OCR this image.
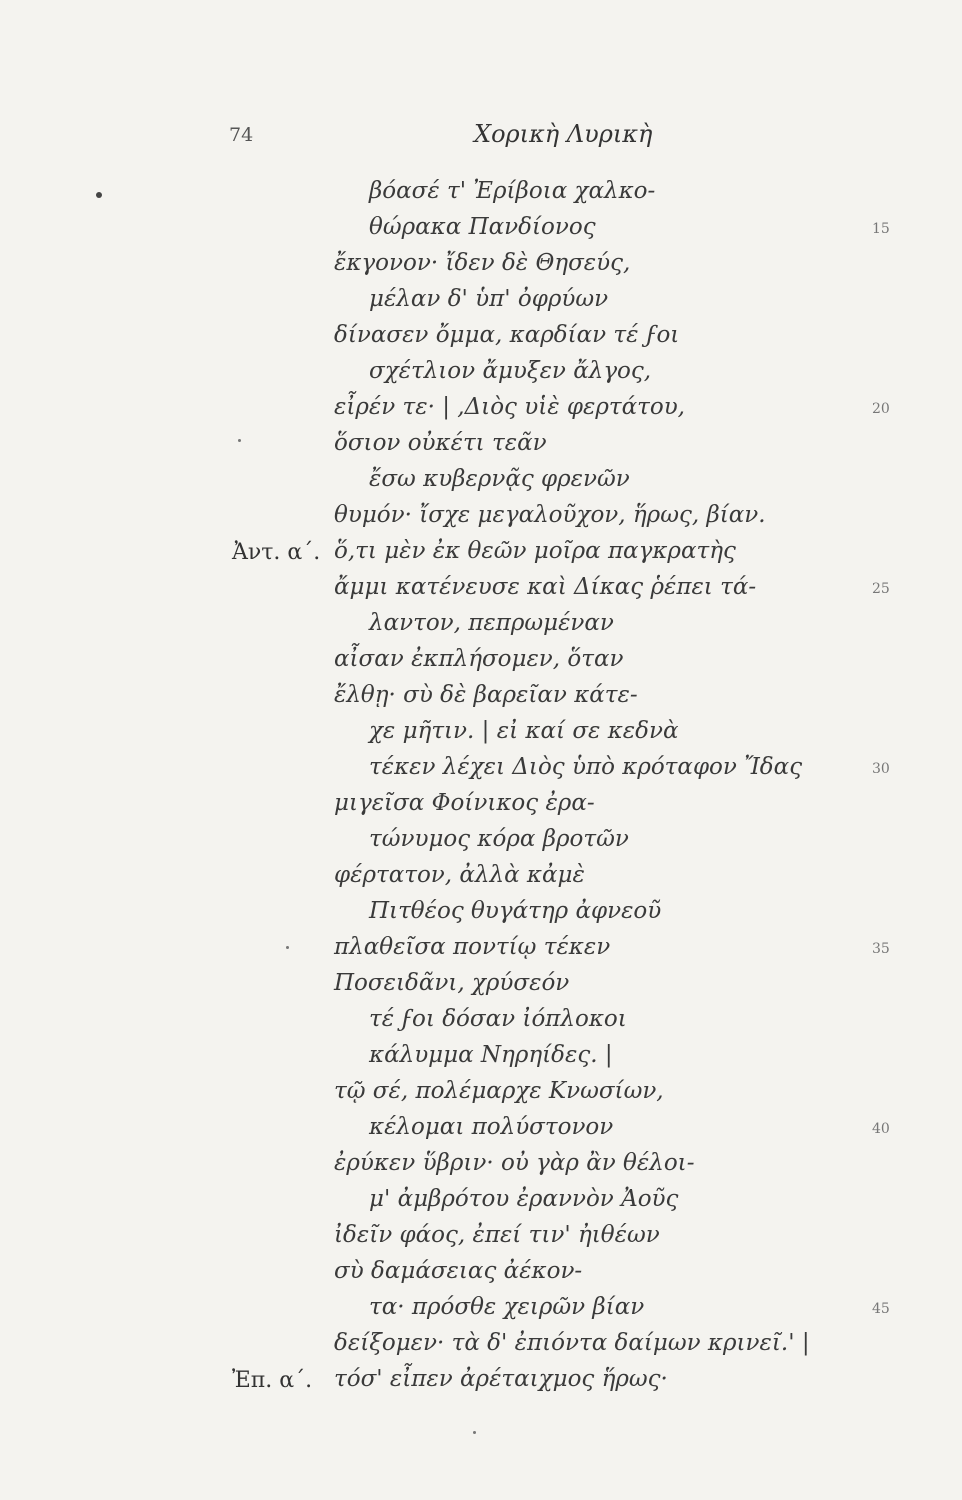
74	Χορικὴ Λυρικὴ
βόασέ τ' Ἐρίβοια χαλκο-
θώρακα Πανδίονος
ἔκγονον· ἴδεν δὲ Θησεύς,
μέλαν δ' ὑπ' ὀφρύων
δίνασεν ὄμμα, καρδίαν τέ ϝοι
σχέτλιον ἄμυξεν ἄλγος,
εἶρέν τε· | ,Διὸς υἱὲ φερτάτου,
ὅσιον οὐκέτι τεᾶν
ἔσω κυβερνᾷς φρενῶν
θυμόν· ἴσχε μεγαλοῦχον, ἥρως, βίαν.
ὅ,τι μὲν ἐκ θεῶν μοῖρα παγκρατὴς
ἄμμι κατένευσε καὶ Δίκας ῥέπει τά-
λαντον, πεπρωμέναν
αἶσαν ἐκπλήσομεν, ὅταν
ἔλθῃ· σὺ δὲ βαρεῖαν κάτε-
χε μῆτιν. | εἰ καί σε κεδνὰ
τέκεν λέχει Διὸς ὑπὸ κρόταφον Ἴδας
μιγεῖσα Φοίνικος ἐρα-
τώνυμος κόρα βροτῶν
φέρτατον, ἀλλὰ κἀμὲ
Πιτθέος θυγάτηρ ἀφνεοῦ
πλαθεῖσα ποντίῳ τέκεν
Ποσειδᾶνι, χρύσεόν
τέ ϝοι δόσαν ἰόπλοκοι
κάλυμμα Νηρηίδες. |
τῷ σέ, πολέμαρχε Κνωσίων,
κέλομαι πολύστονον
ἐρύκεν ὕβριν· οὐ γὰρ ἂν θέλοι-
μ' ἀμβρότου ἐραννὸν Ἀοῦς
ἰδεῖν φάος, ἐπεί τιν' ἠιθέων
σὺ δαμάσειας ἀέκον-
τα· πρόσθε χειρῶν βίαν
δείξομεν· τὰ δ' ἐπιόντα δαίμων κρινεῖ.' |
τόσ' εἶπεν ἀρέταιχμος ἥρως·
Ἀντ. α΄.
Ἐπ. α΄.
15
20
25
30
35
40
45
